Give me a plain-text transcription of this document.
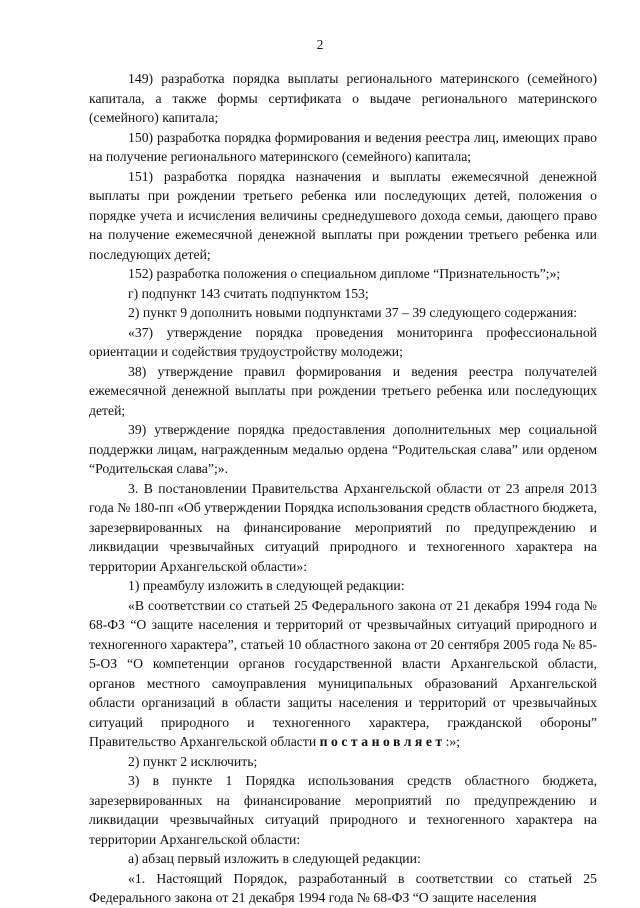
2

149) разработка порядка выплаты регионального материнского (семейного) капитала, а также формы сертификата о выдаче регионального материнского (семейного) капитала;

150) разработка порядка формирования и ведения реестра лиц, имеющих право на получение регионального материнского (семейного) капитала;

151) разработка порядка назначения и выплаты ежемесячной денежной выплаты при рождении третьего ребенка или последующих детей, положения о порядке учета и исчисления величины среднедушевого дохода семьи, дающего право на получение ежемесячной денежной выплаты при рождении третьего ребенка или последующих детей;

152) разработка положения о специальном дипломе “Признательность”;»;

г) подпункт 143 считать подпунктом 153;

2) пункт 9 дополнить новыми подпунктами 37 – 39 следующего содержания:

«37) утверждение порядка проведения мониторинга профессиональной ориентации и содействия трудоустройству молодежи;

38) утверждение правил формирования и ведения реестра получателей ежемесячной денежной выплаты при рождении третьего ребенка или последующих детей;

39) утверждение порядка предоставления дополнительных мер социальной поддержки лицам, награжденным медалью ордена “Родительская слава” или орденом “Родительская слава”;».

3. В постановлении Правительства Архангельской области от 23 апреля 2013 года № 180-пп «Об утверждении Порядка использования средств областного бюджета, зарезервированных на финансирование мероприятий по предупреждению и ликвидации чрезвычайных ситуаций природного и техногенного характера на территории Архангельской области»:

1) преамбулу изложить в следующей редакции:

«В соответствии со статьей 25 Федерального закона от 21 декабря 1994 года № 68-ФЗ “О защите населения и территорий от чрезвычайных ситуаций природного и техногенного характера”, статьей 10 областного закона от 20 сентября 2005 года № 85-5-ОЗ “О компетенции органов государственной власти Архангельской области, органов местного самоуправления муниципальных образований Архангельской области организаций в области защиты населения и территорий от чрезвычайных ситуаций природного и техногенного характера, гражданской обороны” Правительство Архангельской области постановляет:»;

2) пункт 2 исключить;

3) в пункте 1 Порядка использования средств областного бюджета, зарезервированных на финансирование мероприятий по предупреждению и ликвидации чрезвычайных ситуаций природного и техногенного характера на территории Архангельской области:

а) абзац первый изложить в следующей редакции:

«1. Настоящий Порядок, разработанный в соответствии со статьей 25 Федерального закона от 21 декабря 1994 года № 68-ФЗ “О защите населения
